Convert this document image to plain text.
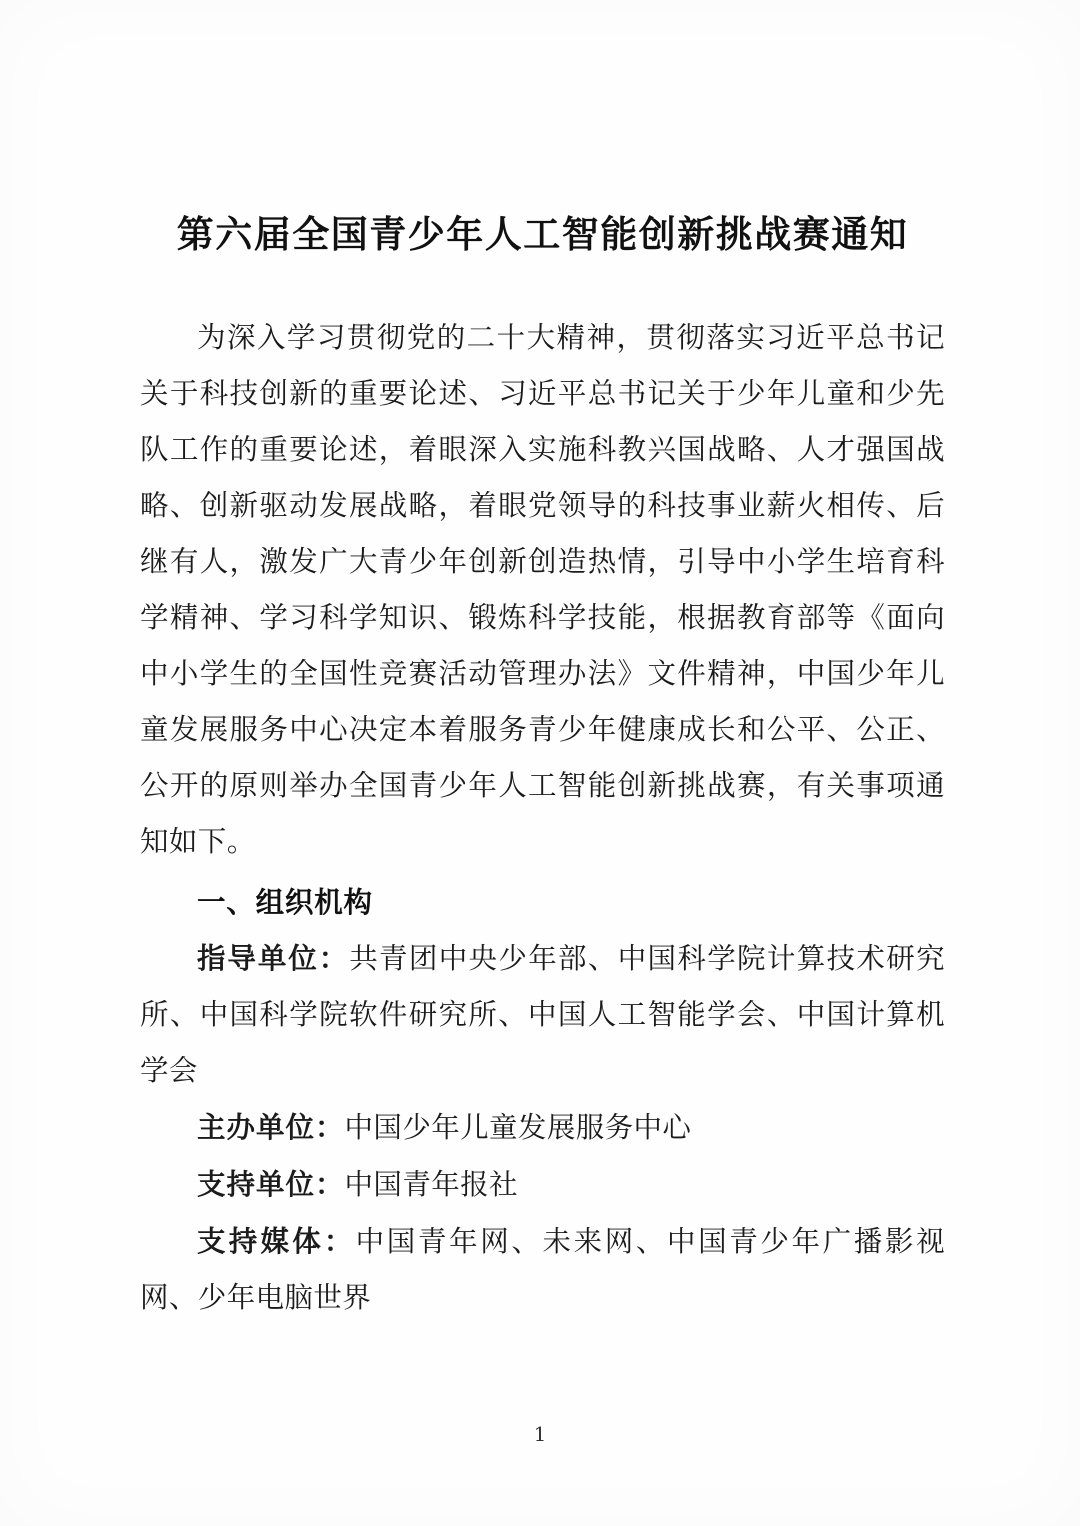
第六届全国青少年人工智能创新挑战赛通知

为深入学习贯彻党的二十大精神，贯彻落实习近平总书记关于科技创新的重要论述、习近平总书记关于少年儿童和少先队工作的重要论述，着眼深入实施科教兴国战略、人才强国战略、创新驱动发展战略，着眼党领导的科技事业薪火相传、后继有人，激发广大青少年创新创造热情，引导中小学生培育科学精神、学习科学知识、锻炼科学技能，根据教育部等《面向中小学生的全国性竞赛活动管理办法》文件精神，中国少年儿童发展服务中心决定本着服务青少年健康成长和公平、公正、公开的原则举办全国青少年人工智能创新挑战赛，有关事项通知如下。

一、组织机构

指导单位：共青团中央少年部、中国科学院计算技术研究所、中国科学院软件研究所、中国人工智能学会、中国计算机学会

主办单位：中国少年儿童发展服务中心

支持单位：中国青年报社

支持媒体：中国青年网、未来网、中国青少年广播影视网、少年电脑世界

1
